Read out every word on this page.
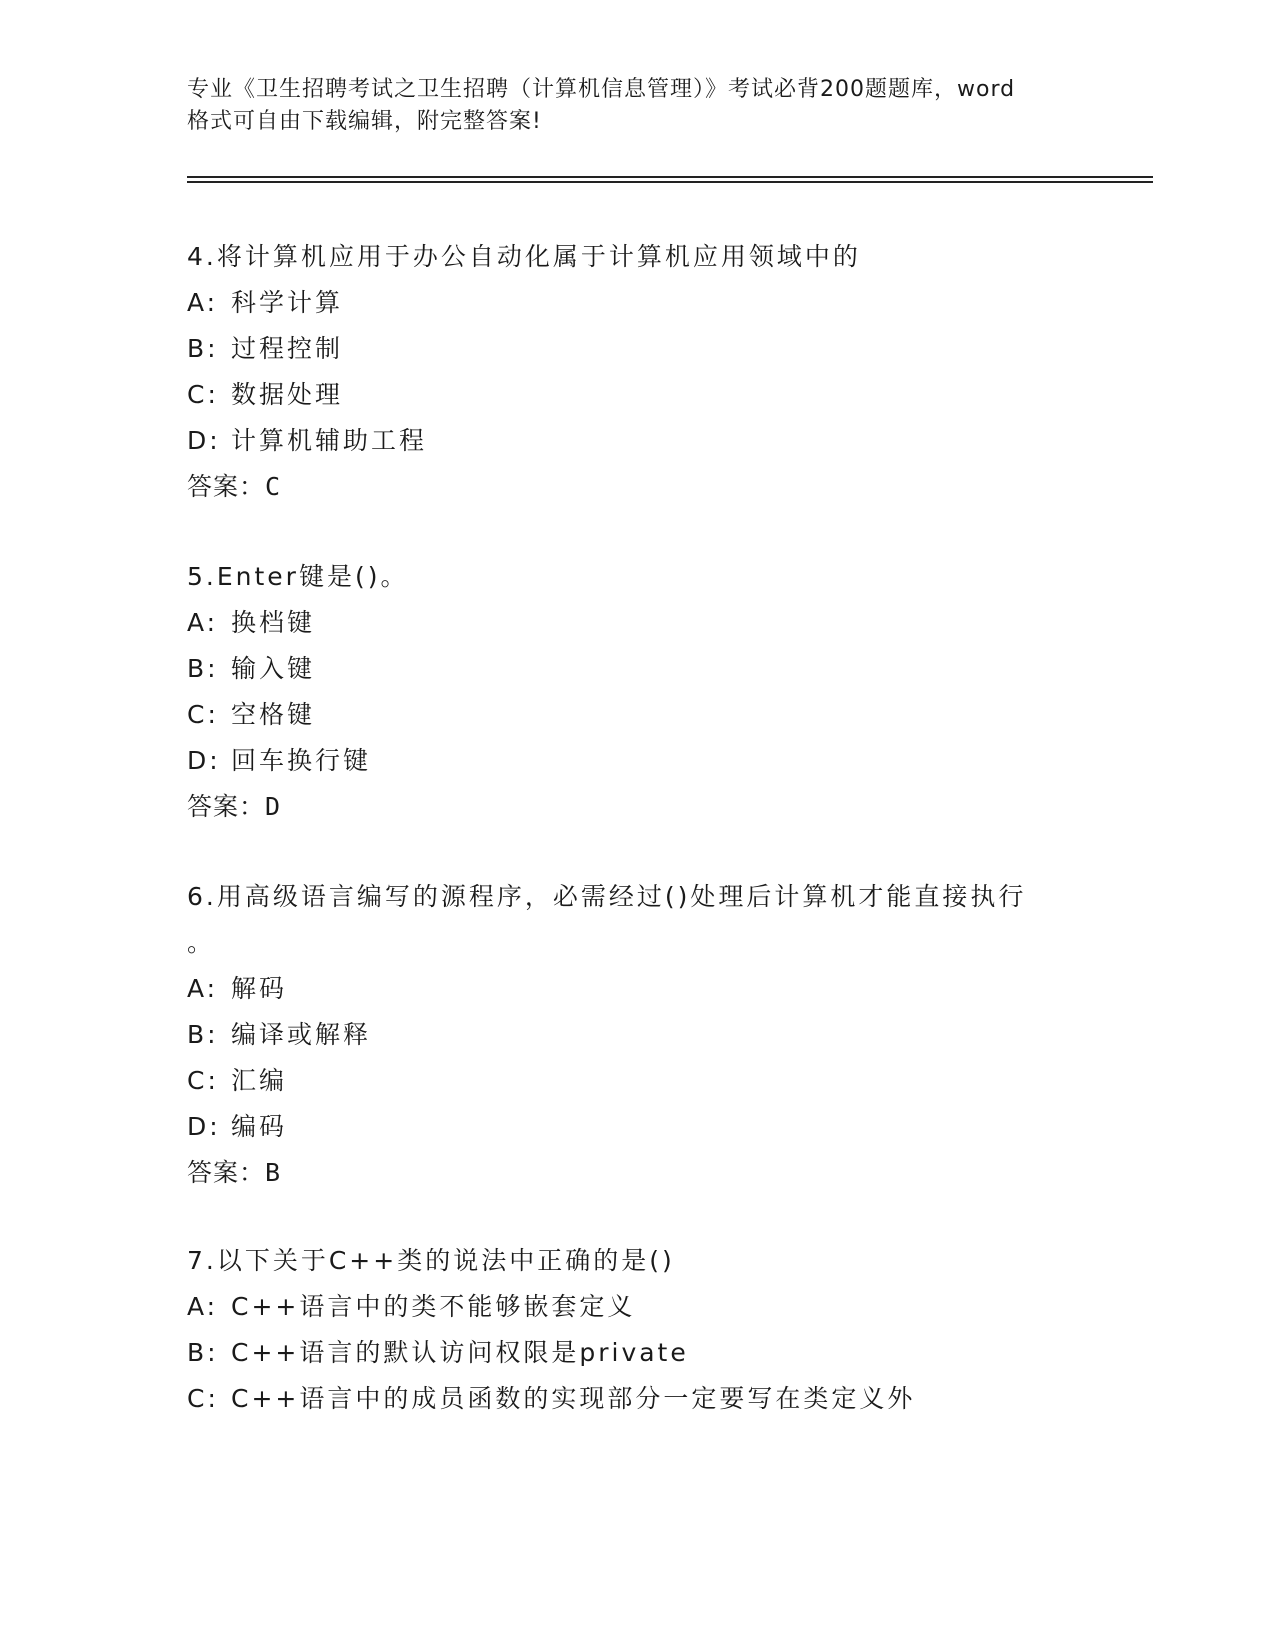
专业《卫生招聘考试之卫生招聘（计算机信息管理）》考试必背200题题库，word
格式可自由下载编辑，附完整答案!
4.将计算机应用于办公自动化属于计算机应用领域中的
A: 科学计算
B: 过程控制
C: 数据处理
D: 计算机辅助工程
答案：C
5.Enter键是()。
A: 换档键
B: 输入键
C: 空格键
D: 回车换行键
答案：D
6.用高级语言编写的源程序，必需经过()处理后计算机才能直接执行
。
A: 解码
B: 编译或解释
C: 汇编
D: 编码
答案：B
7.以下关于C++类的说法中正确的是()
A: C++语言中的类不能够嵌套定义
B: C++语言的默认访问权限是private
C: C++语言中的成员函数的实现部分一定要写在类定义外
